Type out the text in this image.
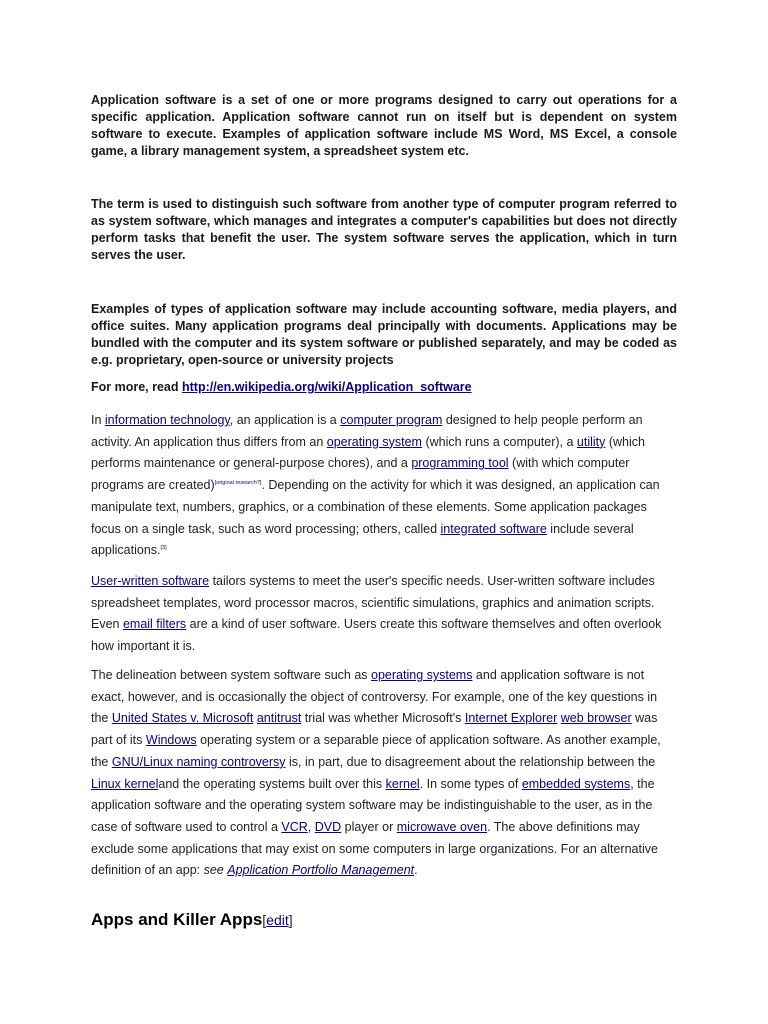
Application software is a set of one or more programs designed to carry out operations for a specific application. Application software cannot run on itself but is dependent on system software to execute. Examples of application software include MS Word, MS Excel, a console game, a library management system, a spreadsheet system etc.

The term is used to distinguish such software from another type of computer program referred to as system software, which manages and integrates a computer's capabilities but does not directly perform tasks that benefit the user. The system software serves the application, which in turn serves the user.

Examples of types of application software may include accounting software, media players, and office suites. Many application programs deal principally with documents. Applications may be bundled with the computer and its system software or published separately, and may be coded as e.g. proprietary, open-source or university projects

For more, read http://en.wikipedia.org/wiki/Application_software

In information technology, an application is a computer program designed to help people perform an activity. An application thus differs from an operating system (which runs a computer), a utility (which performs maintenance or general-purpose chores), and a programming tool (with which computer programs are created)[original research?]. Depending on the activity for which it was designed, an application can manipulate text, numbers, graphics, or a combination of these elements. Some application packages focus on a single task, such as word processing; others, called integrated software include several applications.[3]

User-written software tailors systems to meet the user's specific needs. User-written software includes spreadsheet templates, word processor macros, scientific simulations, graphics and animation scripts. Even email filters are a kind of user software. Users create this software themselves and often overlook how important it is.

The delineation between system software such as operating systems and application software is not exact, however, and is occasionally the object of controversy. For example, one of the key questions in the United States v. Microsoft antitrust trial was whether Microsoft's Internet Explorer web browser was part of its Windows operating system or a separable piece of application software. As another example, the GNU/Linux naming controversy is, in part, due to disagreement about the relationship between the Linux kerneland the operating systems built over this kernel. In some types of embedded systems, the application software and the operating system software may be indistinguishable to the user, as in the case of software used to control a VCR, DVD player or microwave oven. The above definitions may exclude some applications that may exist on some computers in large organizations. For an alternative definition of an app: see Application Portfolio Management.

Apps and Killer Apps[edit]
